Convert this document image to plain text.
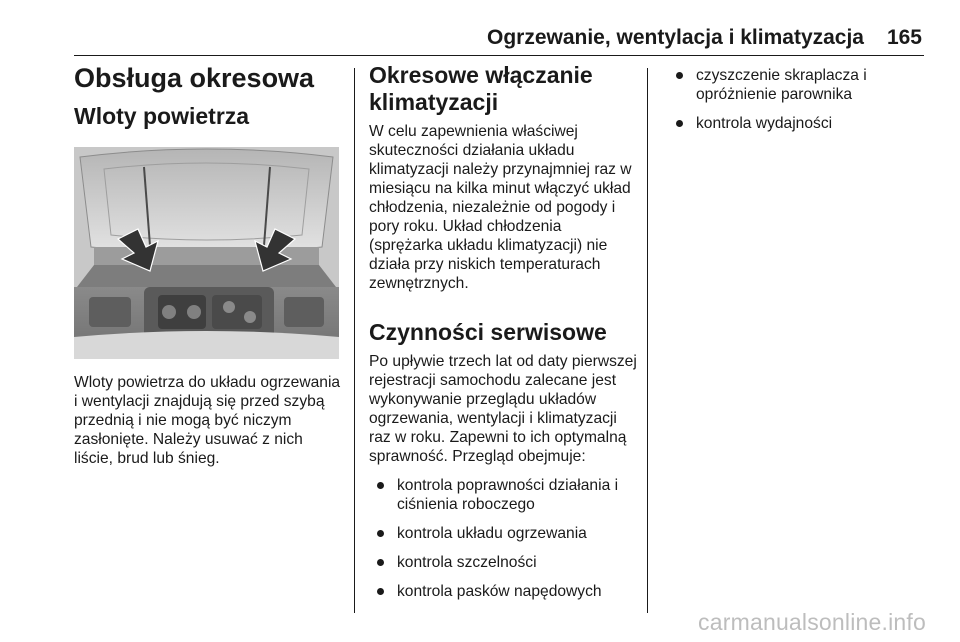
Ogrzewanie, wentylacja i klimatyzacja 165
Obsługa okresowa
Wloty powietrza

Wloty powietrza do układu ogrzewania i wentylacji znajdują się przed szybą przednią i nie mogą być niczym zasłonięte. Należy usuwać z nich liście, brud lub śnieg.

Okresowe włączanie klimatyzacji

W celu zapewnienia właściwej skuteczności działania układu klimatyzacji należy przynajmniej raz w miesiącu na kilka minut włączyć układ chłodzenia, niezależnie od pogody i pory roku. Układ chłodzenia (sprężarka układu klimatyzacji) nie działa przy niskich temperaturach zewnętrznych.

Czynności serwisowe

Po upływie trzech lat od daty pierwszej rejestracji samochodu zalecane jest wykonywanie przeglądu układów ogrzewania, wentylacji i klimatyzacji raz w roku. Zapewni to ich optymalną sprawność. Przegląd obejmuje:

kontrola poprawności działania i ciśnienia roboczego
kontrola układu ogrzewania
kontrola szczelności
kontrola pasków napędowych
czyszczenie skraplacza i opróżnienie parownika
kontrola wydajności
carmanualsonline.info
